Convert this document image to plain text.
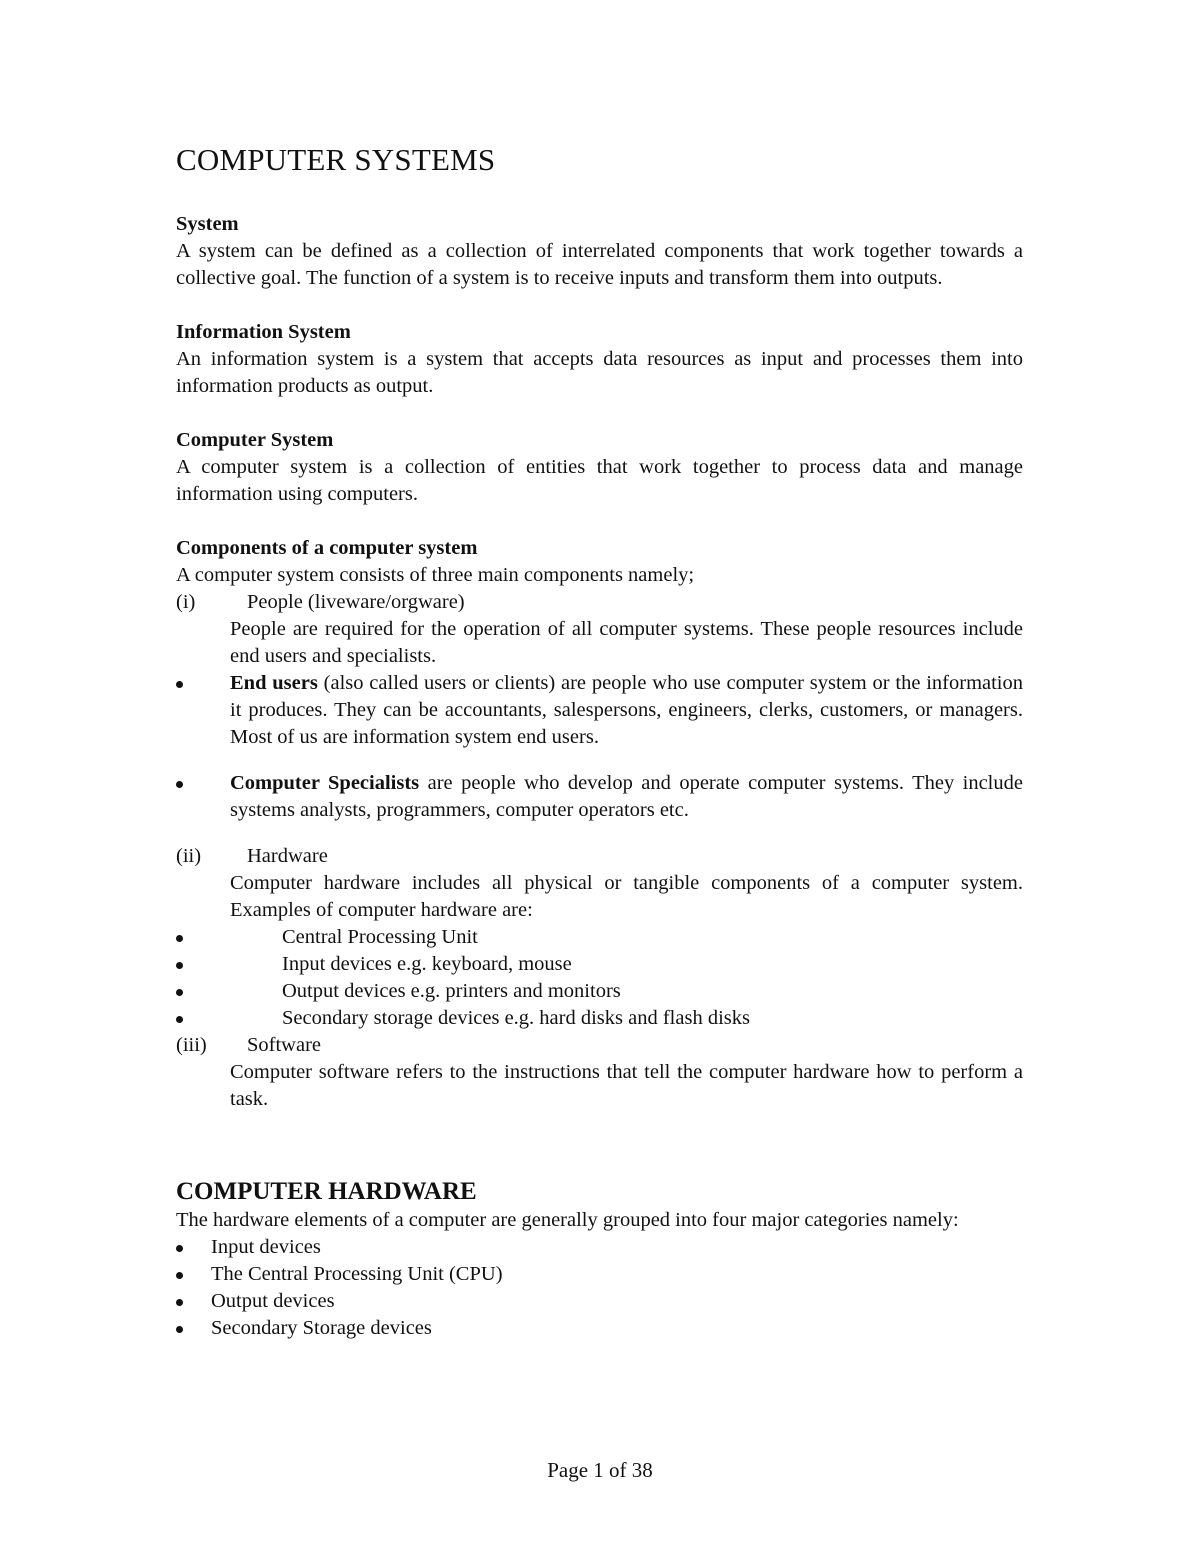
COMPUTER SYSTEMS

System

A system can be defined as a collection of interrelated components that work together towards a collective goal. The function of a system is to receive inputs and transform them into outputs.

Information System

An information system is a system that accepts data resources as input and processes them into information products as output.

Computer System

A computer system is a collection of entities that work together to process data and manage information using computers.

Components of a computer system

A computer system consists of three main components namely;

(i)	People (liveware/orgware)

People are required for the operation of all computer systems. These people resources include end users and specialists.

End users (also called users or clients) are people who use computer system or the information it produces. They can be accountants, salespersons, engineers, clerks, customers, or managers. Most of us are information system end users.
Computer Specialists are people who develop and operate computer systems. They include systems analysts, programmers, computer operators etc.
(ii)	Hardware

Computer hardware includes all physical or tangible components of a computer system. Examples of computer hardware are:

Central Processing Unit
Input devices e.g. keyboard, mouse
Output devices e.g. printers and monitors
Secondary storage devices e.g. hard disks and flash disks
(iii)	Software

Computer software refers to the instructions that tell the computer hardware how to perform a task.

COMPUTER HARDWARE

The hardware elements of a computer are generally grouped into four major categories namely:

Input devices
The Central Processing Unit (CPU)
Output devices
Secondary Storage devices
Page 1 of 38
